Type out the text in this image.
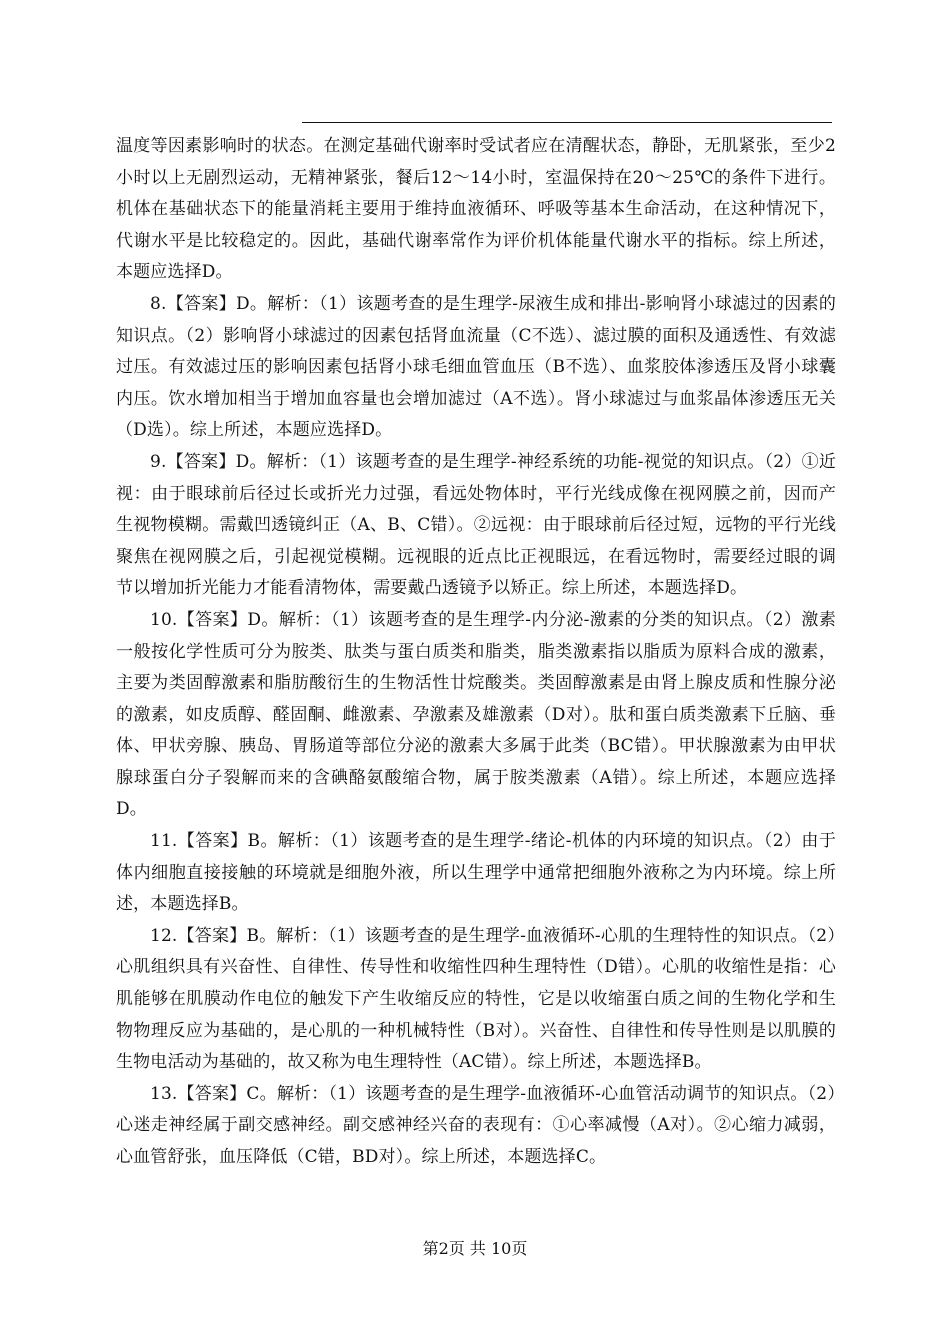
温度等因素影响时的状态。在测定基础代谢率时受试者应在清醒状态，静卧，无肌紧张，至少2小时以上无剧烈运动，无精神紧张，餐后12～14小时，室温保持在20～25℃的条件下进行。机体在基础状态下的能量消耗主要用于维持血液循环、呼吸等基本生命活动，在这种情况下，代谢水平是比较稳定的。因此，基础代谢率常作为评价机体能量代谢水平的指标。综上所述，本题应选择D。

8.【答案】D。解析：（1）该题考查的是生理学-尿液生成和排出-影响肾小球滤过的因素的知识点。（2）影响肾小球滤过的因素包括肾血流量（C不选）、滤过膜的面积及通透性、有效滤过压。有效滤过压的影响因素包括肾小球毛细血管血压（B不选）、血浆胶体渗透压及肾小球囊内压。饮水增加相当于增加血容量也会增加滤过（A不选）。肾小球滤过与血浆晶体渗透压无关（D选）。综上所述，本题应选择D。

9.【答案】D。解析：（1）该题考查的是生理学-神经系统的功能-视觉的知识点。（2）①近视：由于眼球前后径过长或折光力过强，看远处物体时，平行光线成像在视网膜之前，因而产生视物模糊。需戴凹透镜纠正（A、B、C错）。②远视：由于眼球前后径过短，远物的平行光线聚焦在视网膜之后，引起视觉模糊。远视眼的近点比正视眼远，在看远物时，需要经过眼的调节以增加折光能力才能看清物体，需要戴凸透镜予以矫正。综上所述，本题选择D。

10.【答案】D。解析：（1）该题考查的是生理学-内分泌-激素的分类的知识点。（2）激素一般按化学性质可分为胺类、肽类与蛋白质类和脂类，脂类激素指以脂质为原料合成的激素，主要为类固醇激素和脂肪酸衍生的生物活性廿烷酸类。类固醇激素是由肾上腺皮质和性腺分泌的激素，如皮质醇、醛固酮、雌激素、孕激素及雄激素（D对）。肽和蛋白质类激素下丘脑、垂体、甲状旁腺、胰岛、胃肠道等部位分泌的激素大多属于此类（BC错）。甲状腺激素为由甲状腺球蛋白分子裂解而来的含碘酪氨酸缩合物，属于胺类激素（A错）。综上所述，本题应选择D。

11.【答案】B。解析：（1）该题考查的是生理学-绪论-机体的内环境的知识点。（2）由于体内细胞直接接触的环境就是细胞外液，所以生理学中通常把细胞外液称之为内环境。综上所述，本题选择B。

12.【答案】B。解析：（1）该题考查的是生理学-血液循环-心肌的生理特性的知识点。（2）心肌组织具有兴奋性、自律性、传导性和收缩性四种生理特性（D错）。心肌的收缩性是指：心肌能够在肌膜动作电位的触发下产生收缩反应的特性，它是以收缩蛋白质之间的生物化学和生物物理反应为基础的，是心肌的一种机械特性（B对）。兴奋性、自律性和传导性则是以肌膜的生物电活动为基础的，故又称为电生理特性（AC错）。综上所述，本题选择B。

13.【答案】C。解析：（1）该题考查的是生理学-血液循环-心血管活动调节的知识点。（2）心迷走神经属于副交感神经。副交感神经兴奋的表现有：①心率减慢（A对）。②心缩力减弱，心血管舒张，血压降低（C错，BD对）。综上所述，本题选择C。

第2页 共 10页
